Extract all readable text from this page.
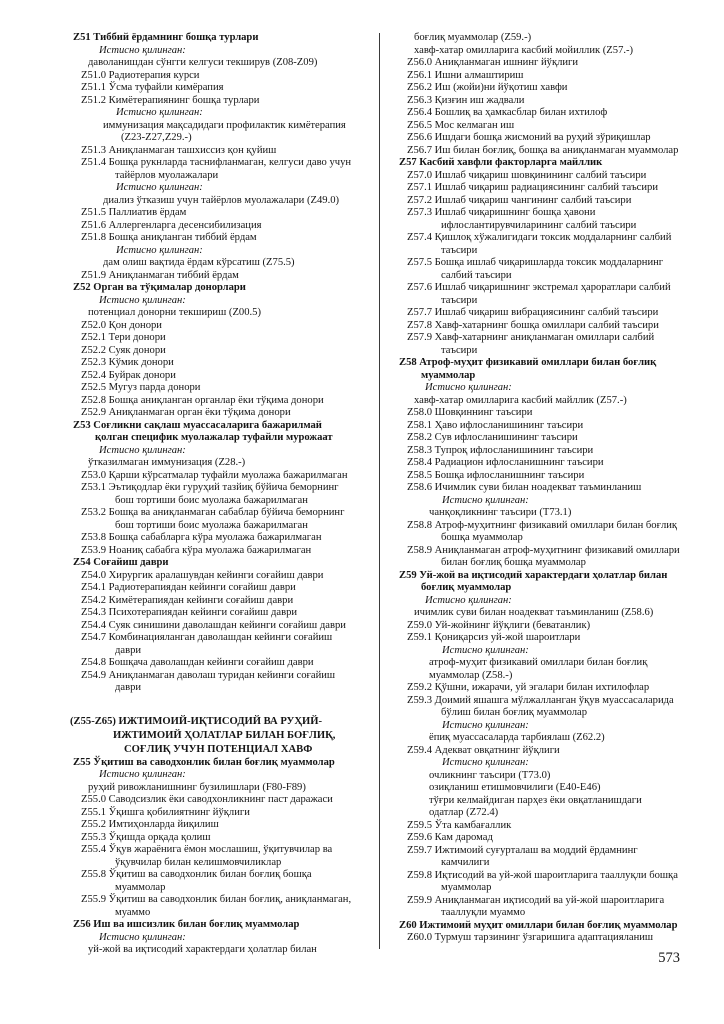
Z51 Тиббий ёрдамнинг бошқа турлари
Истисно қилинган:
даволанишдан сўнгги келгуси текширув (Z08-Z09)
Z51.0 Радиотерапия курси
Z51.1 Ўсма туфайли кимёрапия
Z51.2 Кимётерапиянинг бошқа турлари
Истисно қилинган:
иммунизация мақсадидаги профилактик кимётерапия
(Z23-Z27,Z29.-)
Z51.3 Аниқланмаган ташхиссиз қон қуйиш
Z51.4 Бошқа рукнларда таснифланмаган, келгуси даво учун
тайёрлов муолажалари
Истисно қилинган:
диализ ўтказиш учун тайёрлов муолажалари (Z49.0)
Z51.5 Паллиатив ёрдам
Z51.6 Аллергенларга десенсибилизация
Z51.8 Бошқа аниқланган тиббий ёрдам
Истисно қилинган:
дам олиш вақтида ёрдам кўрсатиш (Z75.5)
Z51.9 Аниқланмаган тиббий ёрдам
Z52 Орган ва тўқималар донорлари
Истисно қилинган:
потенциал донорни текшириш (Z00.5)
Z52.0 Қон донори
Z52.1 Тери донори
Z52.2 Суяк донори
Z52.3 Кўмик донори
Z52.4 Буйрак донори
Z52.5 Мугуз парда донори
Z52.8 Бошқа аниқланган органлар ёки тўқима донори
Z52.9 Аниқланмаган орган ёки тўқима донори
Z53 Соғликни сақлаш муассасаларига бажарилмай
қолган специфик муолажалар туфайли мурожаат
Истисно қилинган:
ўтказилмаган иммунизация (Z28.-)
Z53.0 Қарши кўрсатмалар туфайли муолажа бажарилмаган
Z53.1 Эътиқодлар ёки гуруҳий тазйиқ бўйича беморнинг
бош тортиши боис муолажа бажарилмаган
Z53.2 Бошқа ва аниқланмаган сабаблар бўйича беморнинг
бош тортиши боис муолажа бажарилмаган
Z53.8 Бошқа сабабларга кўра муолажа бажарилмаган
Z53.9 Ноаниқ сабабга кўра муолажа бажарилмаган
Z54 Соғайиш даври
Z54.0 Хирургик аралашувдан кейинги соғайиш даври
Z54.1 Радиотерапиядан кейинги соғайиш даври
Z54.2 Кимётерапиядан кейинги соғайиш даври
Z54.3 Психотерапиядан кейинги соғайиш даври
Z54.4 Суяк синишини даволашдан кейинги соғайиш даври
Z54.7 Комбинацияланган даволашдан кейинги соғайиш
даври
Z54.8 Бошқача даволашдан кейинги соғайиш даври
Z54.9 Аниқланмаган даволаш туридан кейинги соғайиш
даври
(Z55-Z65) ИЖТИМОИЙ-ИҚТИСОДИЙ ВА РУҲИЙ-
ИЖТИМОИЙ ҲОЛАТЛАР БИЛАН БОҒЛИҚ,
СОҒЛИҚ УЧУН ПОТЕНЦИАЛ ХАВФ
Z55 Ўқитиш ва саводхонлик билан боғлиқ муаммолар
Истисно қилинган:
руҳий ривожланишнинг бузилишлари (F80-F89)
Z55.0 Саводсизлик ёки саводхонликнинг паст даражаси
Z55.1 Ўқишга қобилиятнинг йўқлиги
Z55.2 Имтиҳонларда йиқилиш
Z55.3 Ўқишда орқада қолиш
Z55.4 Ўқув жараёнига ёмон мослашиш, ўқитувчилар ва
ўқувчилар билан келишмовчиликлар
Z55.8 Ўқитиш ва саводхонлик билан боғлиқ бошқа
муаммолар
Z55.9 Ўқитиш ва саводхонлик билан боғлиқ, аниқланмаган,
муаммо
Z56 Иш ва ишсизлик билан боғлиқ муаммолар
Истисно қилинган:
уй-жой ва иқтисодий характердаги ҳолатлар билан
боғлиқ муаммолар (Z59.-)
хавф-хатар омилларига касбий мойиллик (Z57.-)
Z56.0 Аниқланмаган ишнинг йўқлиги
Z56.1 Ишни алмаштириш
Z56.2 Иш (жойи)ни йўқотиш хавфи
Z56.3 Қизғин иш жадвали
Z56.4 Бошлиқ ва ҳамкасблар билан ихтилоф
Z56.5 Мос келмаган иш
Z56.6 Ишдаги бошқа жисмоний ва руҳий зўриқишлар
Z56.7 Иш билан боғлиқ, бошқа ва аниқланмаган муаммолар
Z57 Касбий хавфли факторларга майллик
Z57.0 Ишлаб чиқариш шовқинининг салбий таъсири
Z57.1 Ишлаб чиқариш радиациясининг салбий таъсири
Z57.2 Ишлаб чиқариш чангининг салбий таъсири
Z57.3 Ишлаб чиқаришнинг бошқа ҳавони
ифлослантирувчиларининг салбий таъсири
Z57.4 Қишлоқ хўжалигидаги токсик моддаларнинг салбий
таъсири
Z57.5 Бошқа ишлаб чиқаришларда токсик моддаларнинг
салбий таъсири
Z57.6 Ишлаб чиқаришнинг экстремал ҳароратлари салбий
таъсири
Z57.7 Ишлаб чиқариш вибрациясининг салбий таъсири
Z57.8 Хавф-хатарнинг бошқа омиллари салбий таъсири
Z57.9 Хавф-хатарнинг аниқланмаган омиллари салбий
таъсири
Z58 Атроф-муҳит физикавий омиллари билан боғлиқ
муаммолар
Истисно қилинган:
хавф-хатар омилларига касбий майллик (Z57.-)
Z58.0 Шовқиннинг таъсири
Z58.1 Ҳаво ифлосланишининг таъсири
Z58.2 Сув ифлосланишининг таъсири
Z58.3 Тупроқ ифлосланишининг таъсири
Z58.4 Радиацион ифлосланишнинг таъсири
Z58.5 Бошқа ифлосланишнинг таъсири
Z58.6 Ичимлик суви билан ноадекват таъминланиш
Истисно қилинган:
чанқоқликнинг таъсири (Т73.1)
Z58.8 Атроф-муҳитнинг физикавий омиллари билан боғлиқ
бошқа муаммолар
Z58.9 Аниқланмаган атроф-муҳитнинг физикавий омиллари
билан боғлиқ бошқа муаммолар
Z59 Уй-жой ва иқтисодий характердаги ҳолатлар билан
боғлиқ муаммолар
Истисно қилинган:
ичимлик суви билан ноадекват таъминланиш (Z58.6)
Z59.0 Уй-жойнинг йўқлиги (беватанлик)
Z59.1 Қониқарсиз уй-жой шароитлари
Истисно қилинган:
атроф-муҳит физикавий омиллари билан боғлиқ
муаммолар (Z58.-)
Z59.2 Қўшни, ижарачи, уй эгалари билан ихтилофлар
Z59.3 Доимий яшашга мўлжалланган ўқув муассасаларида
бўлиш билан боғлиқ муаммолар
Истисно қилинган:
ёпиқ муассасаларда тарбиялаш (Z62.2)
Z59.4 Адекват овқатнинг йўқлиги
Истисно қилинган:
очликнинг таъсири (Т73.0)
озиқланиш етишмовчилиги (Е40-Е46)
тўғри келмайдиган парҳез ёки овқатланишдаги
одатлар (Z72.4)
Z59.5 Ўта камбағаллик
Z59.6 Кам даромад
Z59.7 Ижтимоий суғурталаш ва моддий ёрдамнинг
камчилиги
Z59.8 Иқтисодий ва уй-жой шароитларига тааллуқли бошқа
муаммолар
Z59.9 Аниқланмаган иқтисодий ва уй-жой шароитларига
тааллуқли муаммо
Z60 Ижтимоий муҳит омиллари билан боғлиқ муаммолар
Z60.0 Турмуш тарзининг ўзгаришига адаптацияланиш
573
